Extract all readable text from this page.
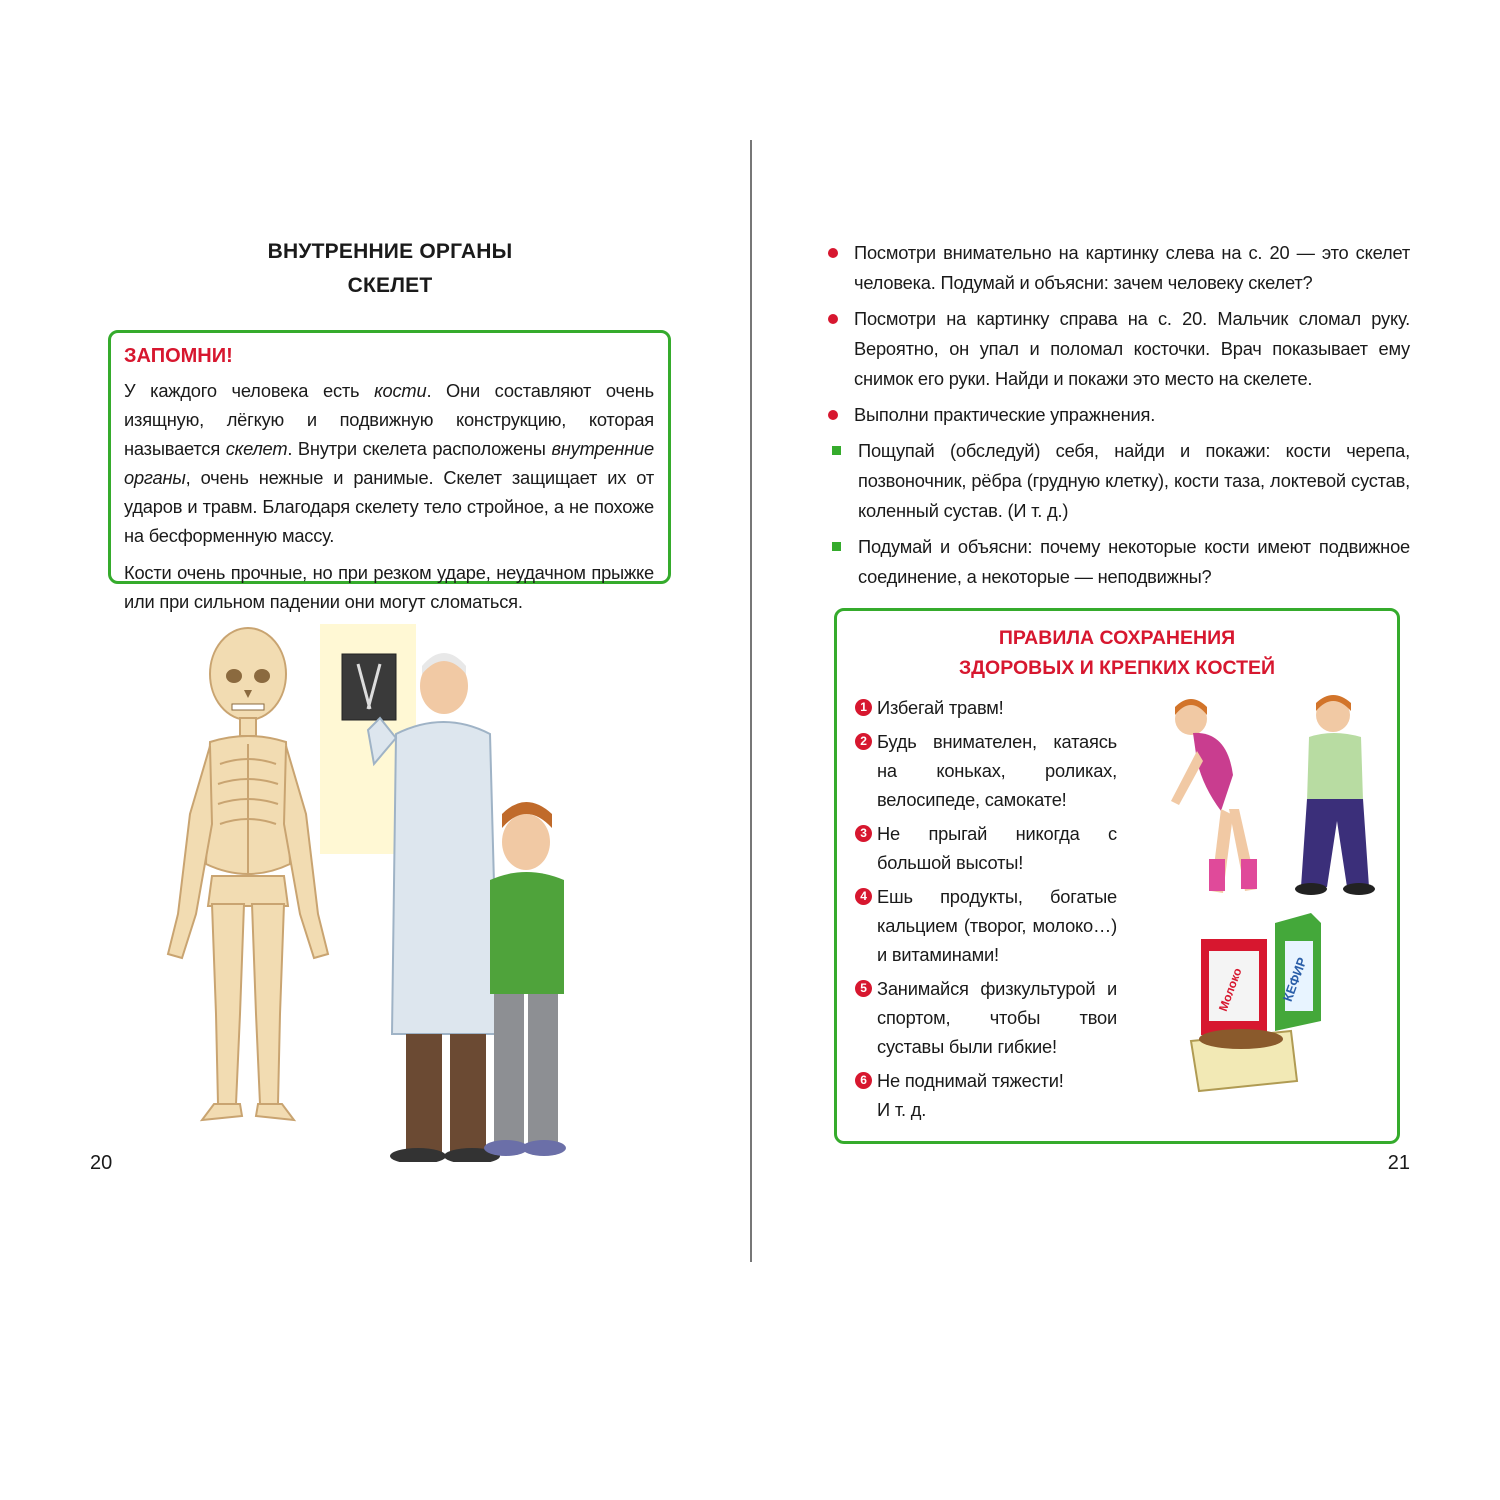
ВНУТРЕННИЕ ОРГАНЫ
СКЕЛЕТ
ЗАПОМНИ!

У каждого человека есть кости. Они составляют очень изящную, лёгкую и подвижную конструкцию, которая называется скелет. Внутри скелета расположены внутренние органы, очень нежные и ранимые. Скелет защищает их от ударов и травм. Благодаря скелету тело стройное, а не похоже на бесформенную массу.

Кости очень прочные, но при резком ударе, неудачном прыжке или при сильном падении они могут сломаться.

20
Посмотри внимательно на картинку слева на с. 20 — это скелет человека. Подумай и объясни: зачем человеку скелет?
Посмотри на картинку справа на с. 20. Мальчик сломал руку. Вероятно, он упал и поломал косточки. Врач показывает ему снимок его руки. Найди и покажи это место на скелете.
Выполни практические упражнения.
Пощупай (обследуй) себя, найди и покажи: кости черепа, позвоночник, рёбра (грудную клетку), кости таза, локтевой сустав, коленный сустав. (И т. д.)
Подумай и объясни: почему некоторые кости имеют подвижное соединение, а некоторые — неподвижны?
ПРАВИЛА СОХРАНЕНИЯ
ЗДОРОВЫХ И КРЕПКИХ КОСТЕЙ
1 Избегай травм!
2 Будь внимателен, катаясь на коньках, роликах, велосипеде, самокате!
3 Не прыгай никогда с большой высоты!
4 Ешь продукты, богатые кальцием (творог, молоко…) и витаминами!
5 Занимайся физкультурой и спортом, чтобы твои суставы были гибкие!
6 Не поднимай тяжести!
И т. д.
КЕФИР
Молоко
21
